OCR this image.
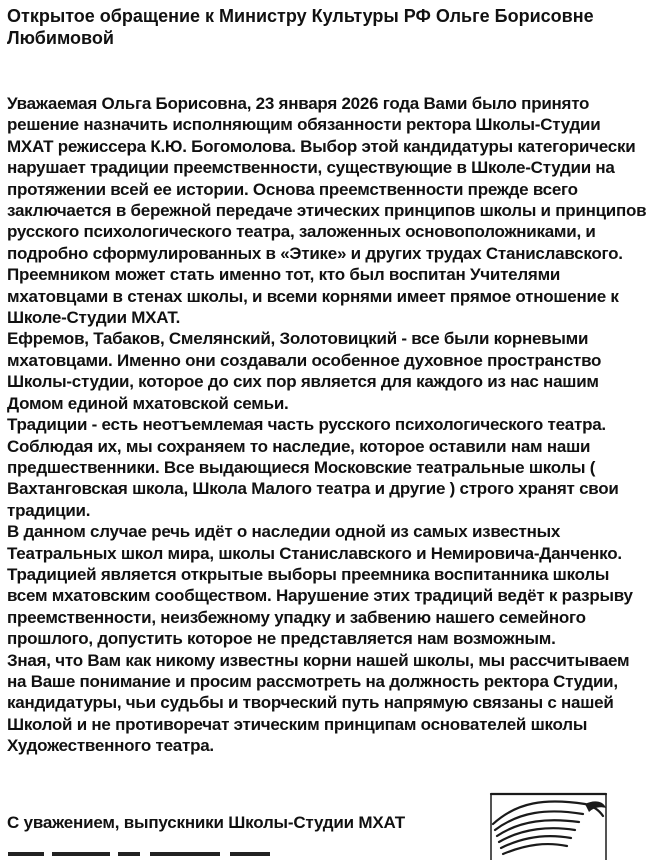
Открытое обращение к Министру Культуры РФ Ольге Борисовне Любимовой

Уважаемая Ольга Борисовна, 23 января 2026 года Вами было принято решение назначить исполняющим обязанности ректора Школы-Студии МХАТ режиссера К.Ю. Богомолова. Выбор этой кандидатуры категорически нарушает традиции преемственности, существующие в Школе-Студии на протяжении всей ее истории. Основа преемственности прежде всего заключается в бережной передаче этических принципов школы и принципов русского психологического театра, заложенных основоположниками, и подробно сформулированных в «Этике» и других трудах Станиславского. Преемником может стать именно тот, кто был воспитан Учителями мхатовцами в стенах школы, и всеми корнями имеет прямое отношение к Школе-Студии МХАТ.

Ефремов, Табаков, Смелянский, Золотовицкий - все были корневыми мхатовцами. Именно они создавали особенное духовное пространство Школы-студии, которое до сих пор является для каждого из нас нашим Домом единой мхатовской семьи.

Традиции - есть неотъемлемая часть русского психологического театра. Соблюдая их, мы сохраняем то наследие, которое оставили нам наши предшественники. Все выдающиеся Московские театральные школы ( Вахтанговская школа, Школа Малого театра и другие ) строго хранят свои традиции.

В данном случае речь идёт о наследии одной из самых известных Театральных школ мира, школы Станиславского и Немировича-Данченко. Традицией является открытые выборы преемника воспитанника школы всем мхатовским сообществом. Нарушение этих традиций ведёт к разрыву преемственности, неизбежному упадку и забвению нашего семейного прошлого, допустить которое не представляется нам возможным.

Зная, что Вам как никому известны корни нашей школы, мы рассчитываем на Ваше понимание и просим рассмотреть на должность ректора Студии, кандидатуры, чьи судьбы и творческий путь напрямую связаны с нашей Школой и не противоречат этическим принципам основателей школы Художественного театра.

С уважением, выпускники Школы-Студии МХАТ
